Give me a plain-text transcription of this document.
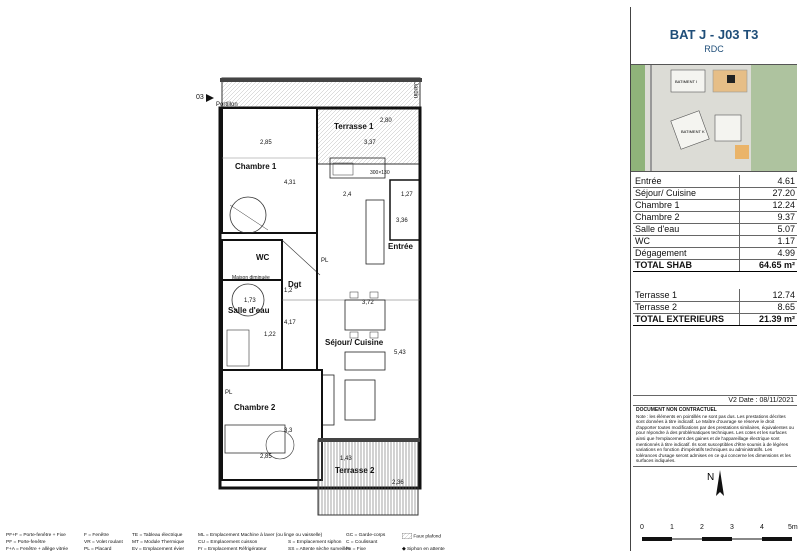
Terrasse 1
Chambre 1
WC
Maison diminuée
Dgt
Entrée
Salle d'eau
Séjour/ Cuisine
Chambre 2
Terrasse 2
Portillon
Jardin
03
PL
PL
300×130
2,85	3,37
4,31
2,4	1,27
3,36
1,2
1,73	3,72
1,22
4,17
5,43
3,3
2,85	1,43
2,80
2,36	N
BAT J - J03 T3
RDC
BATIMENT I
BATIMENT K
Entrée	4.61
Séjour/ Cuisine	27.20
Chambre 1	12.24
Chambre 2	9.37
Salle d'eau	5.07
WC	1.17
Dégagement	4.99
TOTAL SHAB	64.65 m²
Terrasse 1	12.74
Terrasse 2	8.65
TOTAL EXTERIEURS	21.39 m²
V2 Date : 08/11/2021
DOCUMENT NON CONTRACTUEL
Note : les éléments en pointillés ne sont pas dus. Les prestations décrites sont données à titre indicatif. Le Maître d'ouvrage se réserve le droit d'apporter toutes modifications par des prestations similaires, équivalentes ou pour répondre à des problématiques techniques. Les cotes et les surfaces ainsi que l'emplacement des gaines et de l'appareillage électrique sont mentionnés à titre indicatif. Ils sont susceptibles d'être soumis à de légères variations en fonction d'impératifs techniques ou administratifs. Les tolérances d'usage seront admises en ce qui concerne les dimensions et les surfaces indiquées.
PF+F = Porte-fenêtre + Fixe
PF = Porte-fenêtre
F+A = Fenêtre + allège vitrée
F = Fenêtre
VR = Volet roulant
PL = Placard
TE = Tableau électrique
MT = Module Thermique
Ev = Emplacement évier
ML = Emplacement Machine à laver (ou linge ou vaisselle)
CU = Emplacement cuisson
Fr = Emplacement Réfrigérateur
S = Emplacement siphon
SS = Attente sèche surveillée
GC = Garde-corps
C = Coulissant
Fx = Fixe
Faux plafond
◆ Siphon en attente
0	1	2	3	4	5m
